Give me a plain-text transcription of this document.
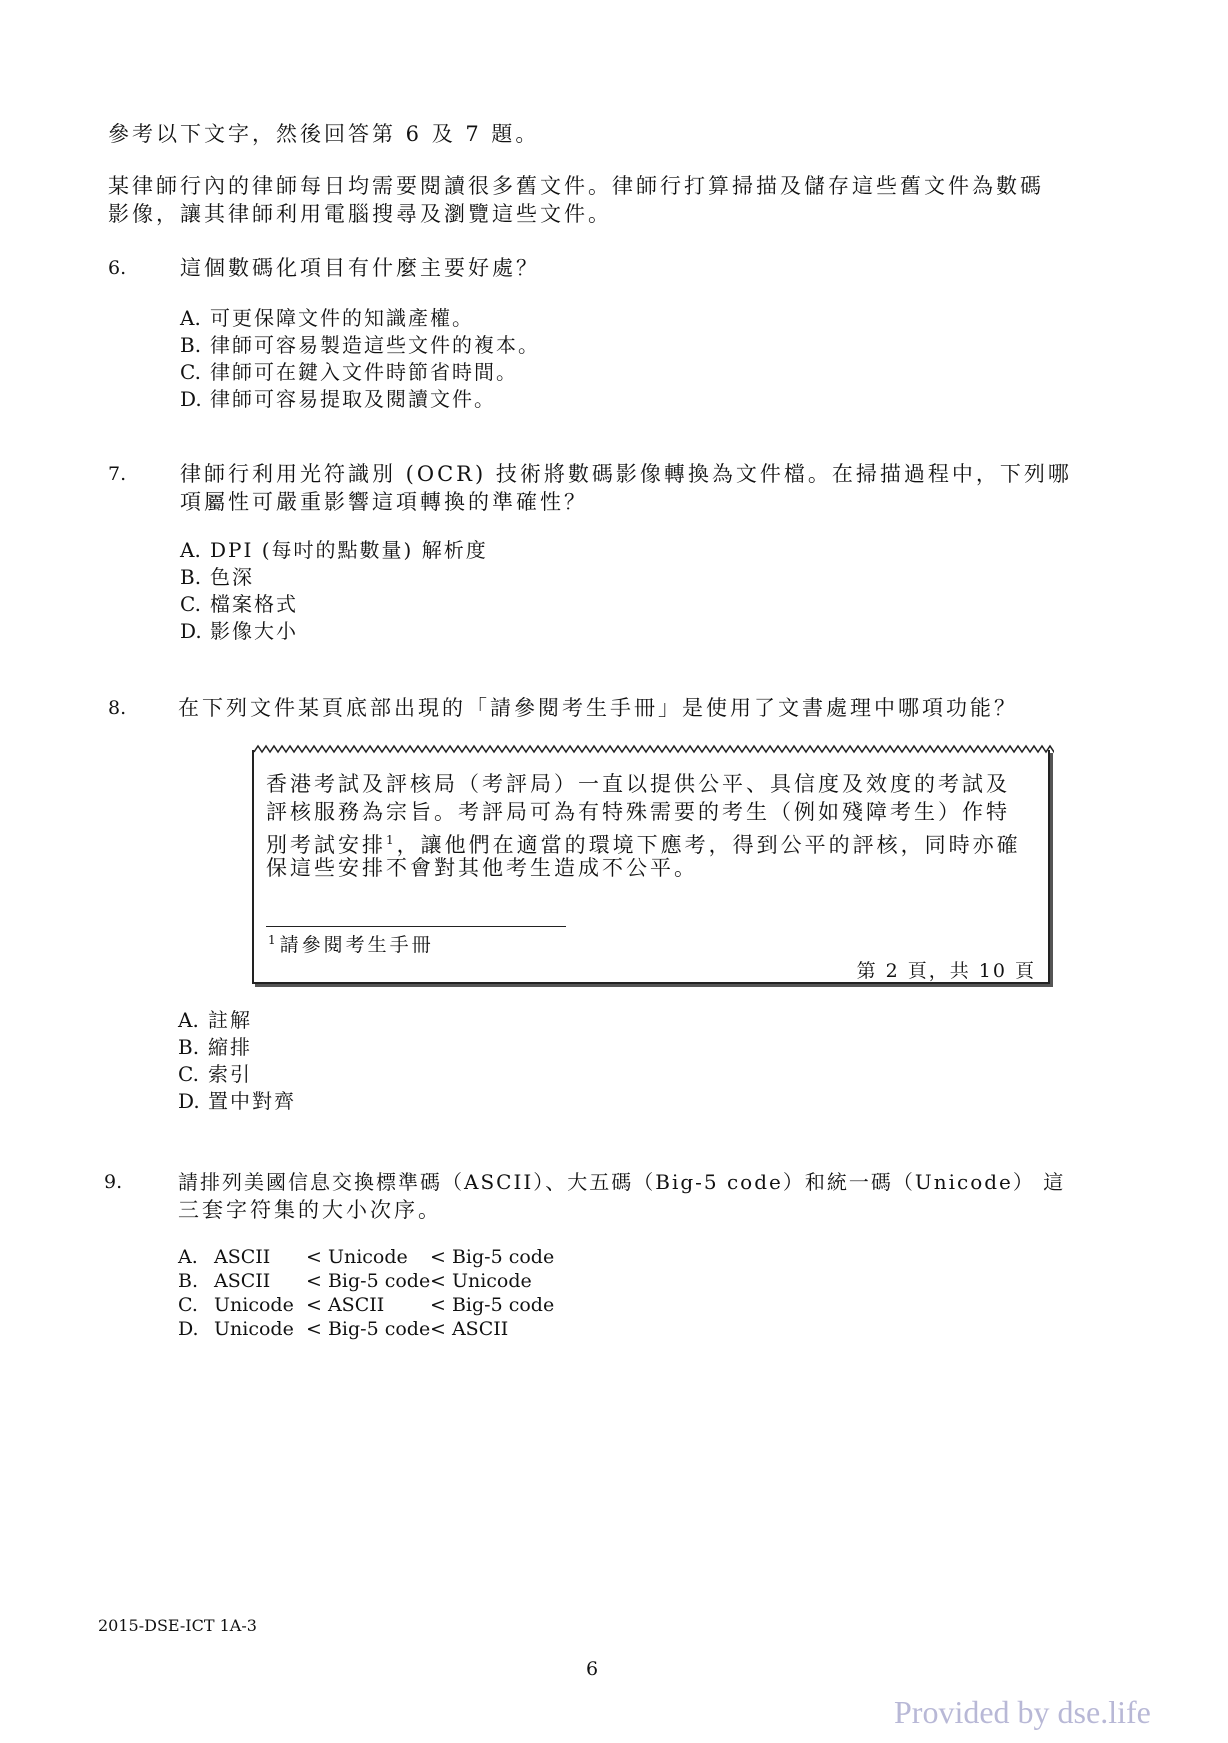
參考以下文字，然後回答第 6 及 7 題。
某律師行內的律師每日均需要閱讀很多舊文件。律師行打算掃描及儲存這些舊文件為數碼
影像，讓其律師利用電腦搜尋及瀏覽這些文件。
6.	這個數碼化項目有什麼主要好處？
A. 可更保障文件的知識產權。
B. 律師可容易製造這些文件的複本。
C. 律師可在鍵入文件時節省時間。
D. 律師可容易提取及閱讀文件。
7.	律師行利用光符識別 (OCR) 技術將數碼影像轉換為文件檔。在掃描過程中，下列哪
項屬性可嚴重影響這項轉換的準確性？
A. DPI (每吋的點數量) 解析度
B. 色深
C. 檔案格式
D. 影像大小
8. 在下列文件某頁底部出現的「請參閱考生手冊」是使用了文書處理中哪項功能？
香港考試及評核局（考評局）一直以提供公平、具信度及效度的考試及
評核服務為宗旨。考評局可為有特殊需要的考生（例如殘障考生）作特
別考試安排$^1$，讓他們在適當的環境下應考，得到公平的評核，同時亦確
保這些安排不會對其他考生造成不公平。
$^1$ 請參閱考生手冊
第 2 頁，共 10 頁
A. 註解
B. 縮排
C. 索引
D. 置中對齊
9.	請排列美國信息交換標準碼（ASCII）、大五碼（Big-5 code）和統一碼（Unicode） 這
三套字符集的大小次序。
A. ASCII < Unicode < Big-5 code
B. ASCII < Big-5 code < Unicode
C. Unicode < ASCII < Big-5 code
D. Unicode < Big-5 code < ASCII
2015-DSE-ICT 1A-3
6
Provided by dse.life
